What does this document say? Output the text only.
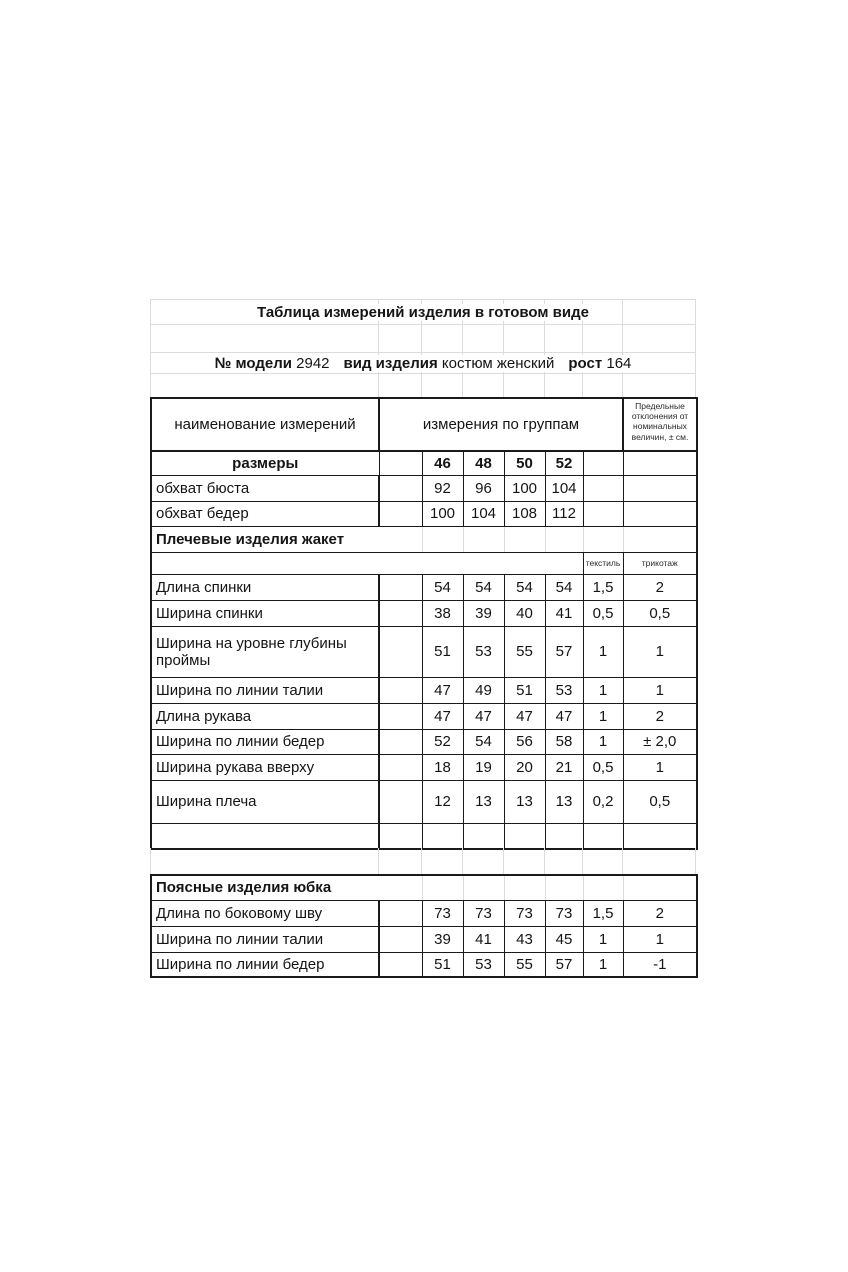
Таблица измерений изделия в готовом виде
№ модели 2942 вид изделия костюм женский рост 164
наименование измерений	измерения по группам						Предельные отклонения от номинальных величин, ± см.
размеры		46	48	50	52		
обхват бюста		92	96	100	104		
обхват бедер		100	104	108	112		
Плечевые изделия жакет							
						текстиль	трикотаж
Длина спинки		54	54	54	54	1,5	2
Ширина спинки		38	39	40	41	0,5	0,5
Ширина на уровне глубины проймы		51	53	55	57	1	1
Ширина по линии талии		47	49	51	53	1	1
Длина рукава		47	47	47	47	1	2
Ширина по линии бедер		52	54	56	58	1	± 2,0
Ширина рукава вверху		18	19	20	21	0,5	1
Ширина плеча		12	13	13	13	0,2	0,5

Поясные изделия юбка							
Длина по боковому шву		73	73	73	73	1,5	2
Ширина по линии талии		39	41	43	45	1	1
Ширина по линии бедер		51	53	55	57	1	-1
